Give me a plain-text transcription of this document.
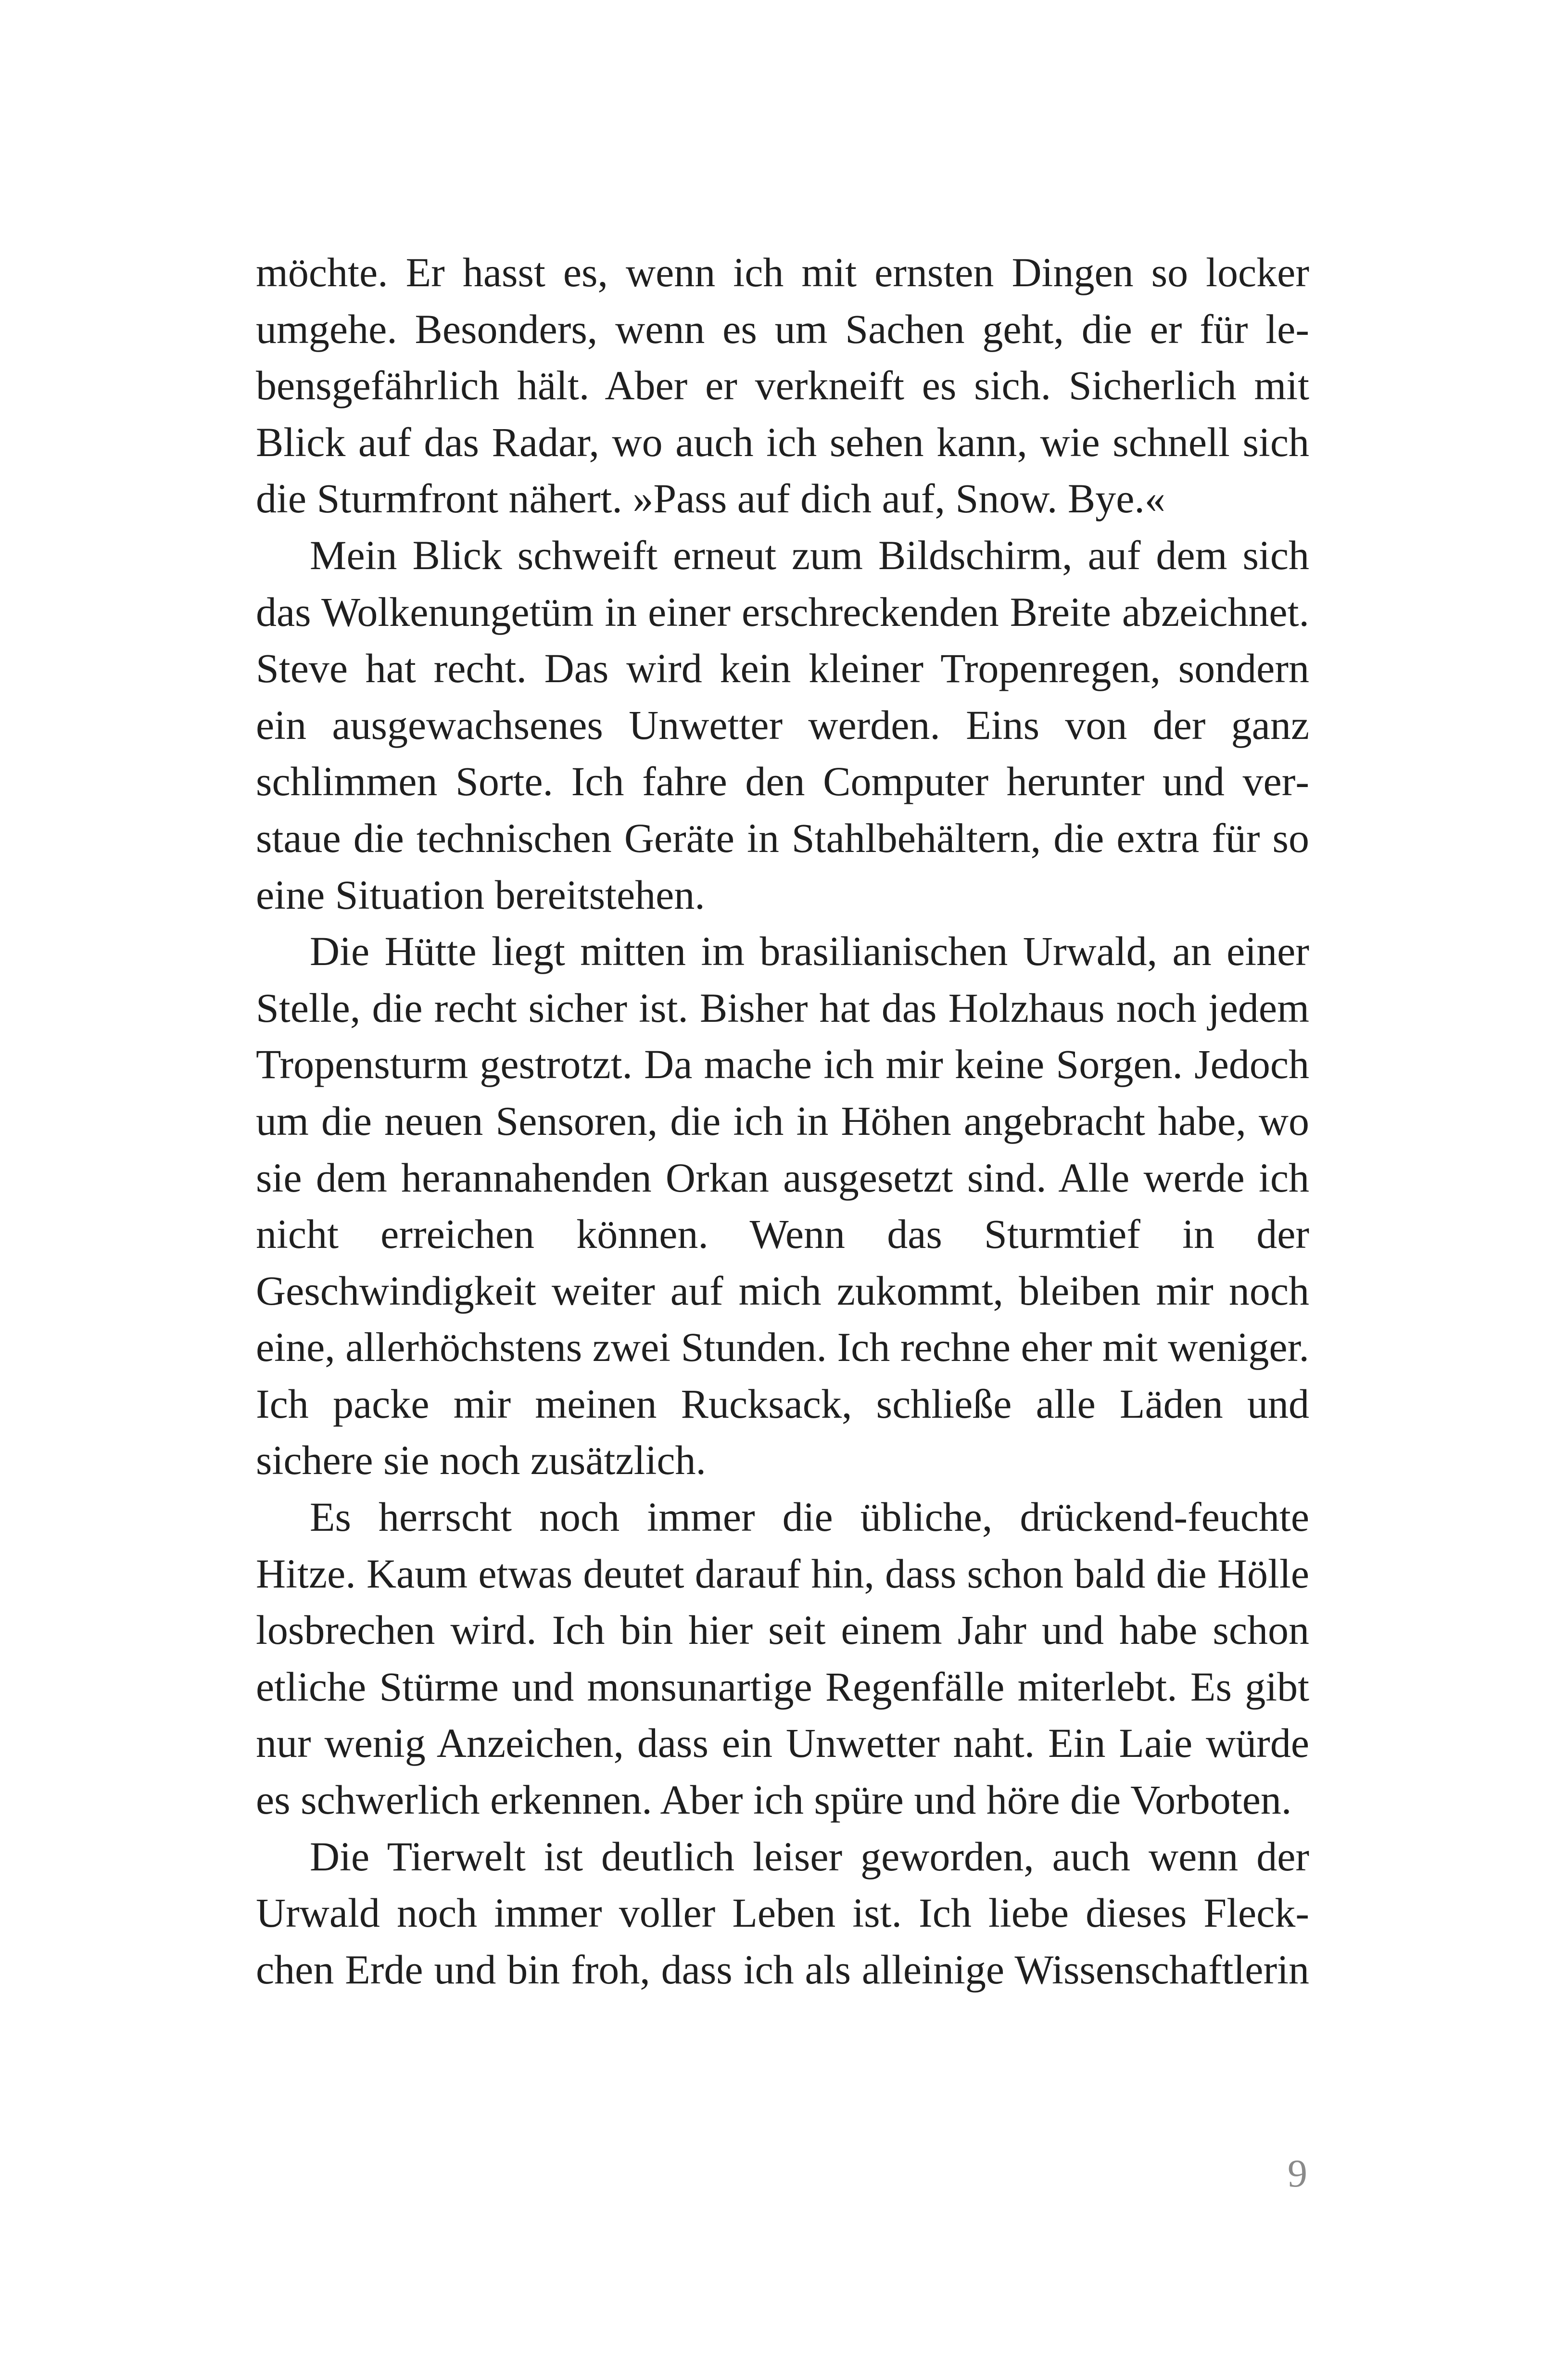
möchte. Er hasst es, wenn ich mit ernsten Dingen so locker umgehe. Besonders, wenn es um Sachen geht, die er für lebensgefährlich hält. Aber er verkneift es sich. Sicherlich mit Blick auf das Radar, wo auch ich sehen kann, wie schnell sich die Sturmfront nähert. »Pass auf dich auf, Snow. Bye.«

Mein Blick schweift erneut zum Bildschirm, auf dem sich das Wolkenungetüm in einer erschreckenden Breite abzeichnet. Steve hat recht. Das wird kein kleiner Tropenregen, sondern ein ausgewachsenes Unwetter werden. Eins von der ganz schlimmen Sorte. Ich fahre den Computer herunter und verstaue die technischen Geräte in Stahlbehältern, die extra für so eine Situation bereitstehen.

Die Hütte liegt mitten im brasilianischen Urwald, an einer Stelle, die recht sicher ist. Bisher hat das Holzhaus noch jedem Tropensturm gestrotzt. Da mache ich mir keine Sorgen. Jedoch um die neuen Sensoren, die ich in Höhen angebracht habe, wo sie dem herannahenden Orkan ausgesetzt sind. Alle werde ich nicht erreichen können. Wenn das Sturmtief in der Geschwindigkeit weiter auf mich zukommt, bleiben mir noch eine, allerhöchstens zwei Stunden. Ich rechne eher mit weniger. Ich packe mir meinen Rucksack, schließe alle Läden und sichere sie noch zusätzlich.

Es herrscht noch immer die übliche, drückend-feuchte Hitze. Kaum etwas deutet darauf hin, dass schon bald die Hölle losbrechen wird. Ich bin hier seit einem Jahr und habe schon etliche Stürme und monsunartige Regenfälle miterlebt. Es gibt nur wenig Anzeichen, dass ein Unwetter naht. Ein Laie würde es schwerlich erkennen. Aber ich spüre und höre die Vorboten.

Die Tierwelt ist deutlich leiser geworden, auch wenn der Urwald noch immer voller Leben ist. Ich liebe dieses Fleckchen Erde und bin froh, dass ich als alleinige Wissenschaftlerin

9
